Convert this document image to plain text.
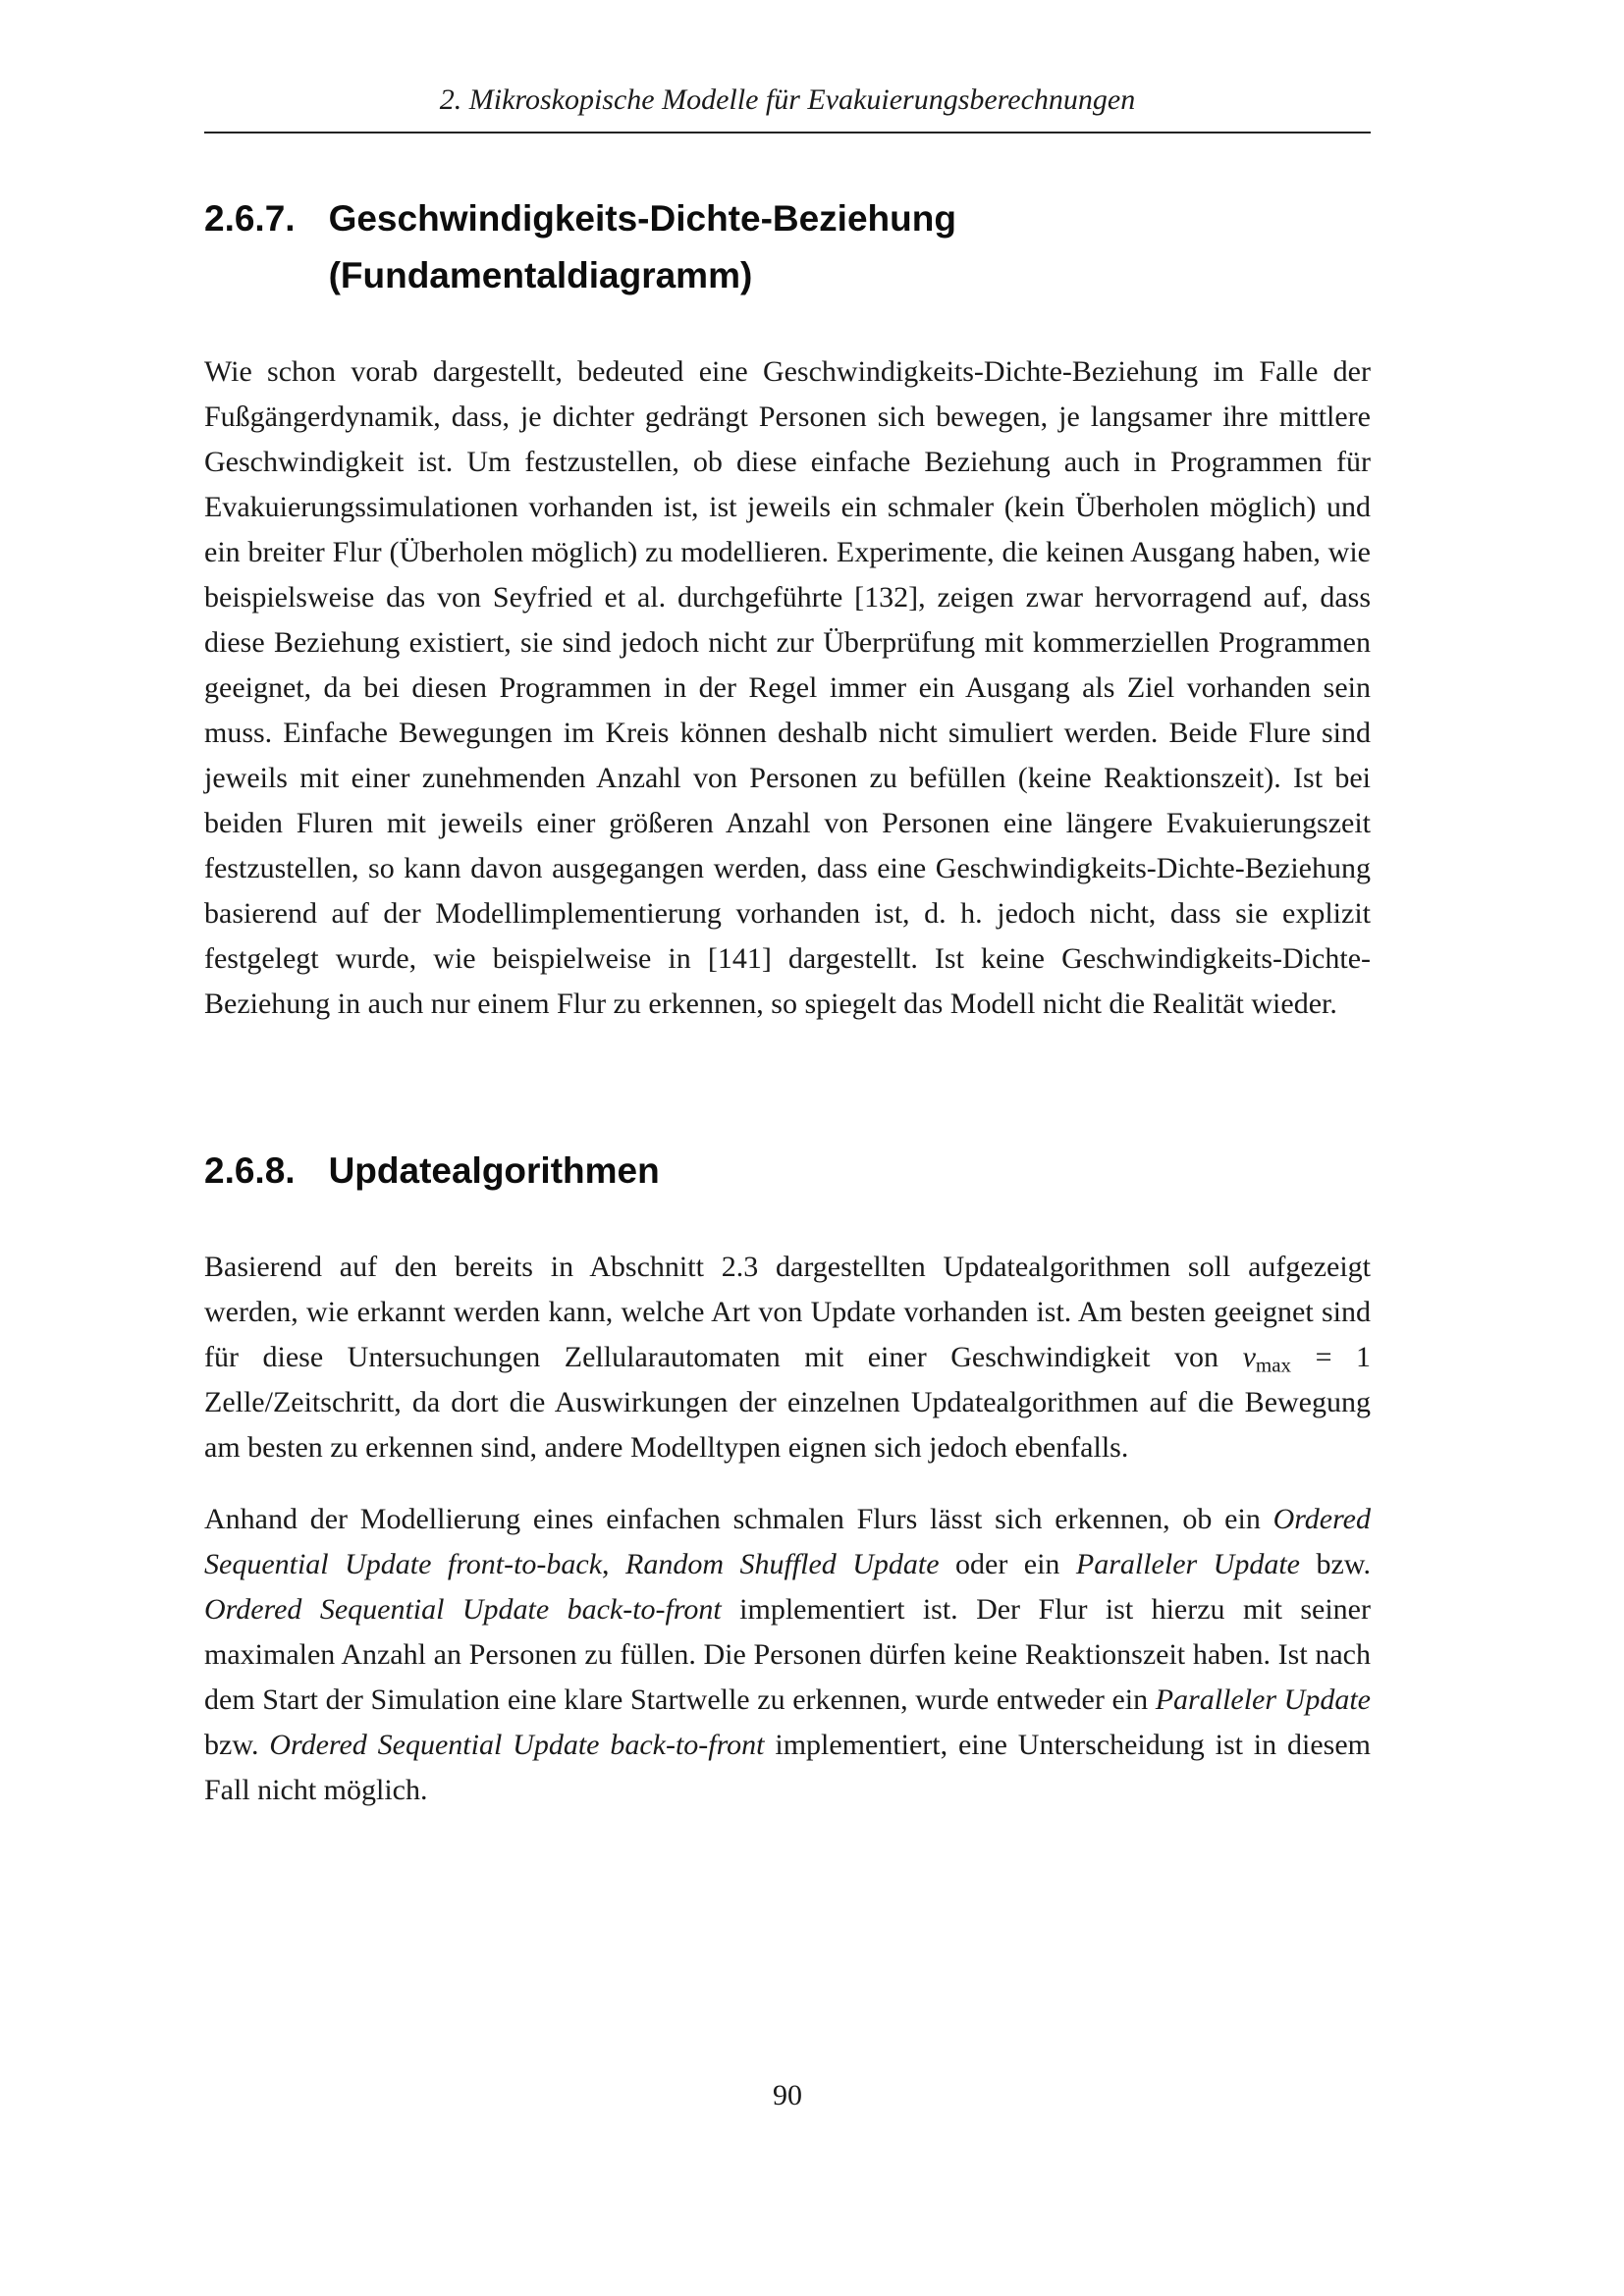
2. Mikroskopische Modelle für Evakuierungsberechnungen
2.6.7. Geschwindigkeits-Dichte-Beziehung
(Fundamentaldiagramm)

Wie schon vorab dargestellt, bedeuted eine Geschwindigkeits-Dichte-Beziehung im Falle der Fußgängerdynamik, dass, je dichter gedrängt Personen sich bewegen, je langsamer ihre mittlere Geschwindigkeit ist. Um festzustellen, ob diese einfache Beziehung auch in Programmen für Evakuierungssimulationen vorhanden ist, ist jeweils ein schmaler (kein Überholen möglich) und ein breiter Flur (Überholen möglich) zu modellieren. Experimente, die keinen Ausgang haben, wie beispielsweise das von Seyfried et al. durchgeführte [132], zeigen zwar hervorragend auf, dass diese Beziehung existiert, sie sind jedoch nicht zur Überprüfung mit kommerziellen Programmen geeignet, da bei diesen Programmen in der Regel immer ein Ausgang als Ziel vorhanden sein muss. Einfache Bewegungen im Kreis können deshalb nicht simuliert werden. Beide Flure sind jeweils mit einer zunehmenden Anzahl von Personen zu befüllen (keine Reaktionszeit). Ist bei beiden Fluren mit jeweils einer größeren Anzahl von Personen eine längere Evakuierungszeit festzustellen, so kann davon ausgegangen werden, dass eine Geschwindigkeits-Dichte-Beziehung basierend auf der Modellimplementierung vorhanden ist, d. h. jedoch nicht, dass sie explizit festgelegt wurde, wie beispielweise in [141] dargestellt. Ist keine Geschwindigkeits-Dichte-Beziehung in auch nur einem Flur zu erkennen, so spiegelt das Modell nicht die Realität wieder.

2.6.8. Updatealgorithmen

Basierend auf den bereits in Abschnitt 2.3 dargestellten Updatealgorithmen soll aufgezeigt werden, wie erkannt werden kann, welche Art von Update vorhanden ist. Am besten geeignet sind für diese Untersuchungen Zellularautomaten mit einer Geschwindigkeit von $v_{max} = 1$ Zelle/Zeitschritt, da dort die Auswirkungen der einzelnen Updatealgorithmen auf die Bewegung am besten zu erkennen sind, andere Modelltypen eignen sich jedoch ebenfalls.

Anhand der Modellierung eines einfachen schmalen Flurs lässt sich erkennen, ob ein Ordered Sequential Update front-to-back, Random Shuffled Update oder ein Paralleler Update bzw. Ordered Sequential Update back-to-front implementiert ist. Der Flur ist hierzu mit seiner maximalen Anzahl an Personen zu füllen. Die Personen dürfen keine Reaktionszeit haben. Ist nach dem Start der Simulation eine klare Startwelle zu erkennen, wurde entweder ein Paralleler Update bzw. Ordered Sequential Update back-to-front implementiert, eine Unterscheidung ist in diesem Fall nicht möglich.

90
